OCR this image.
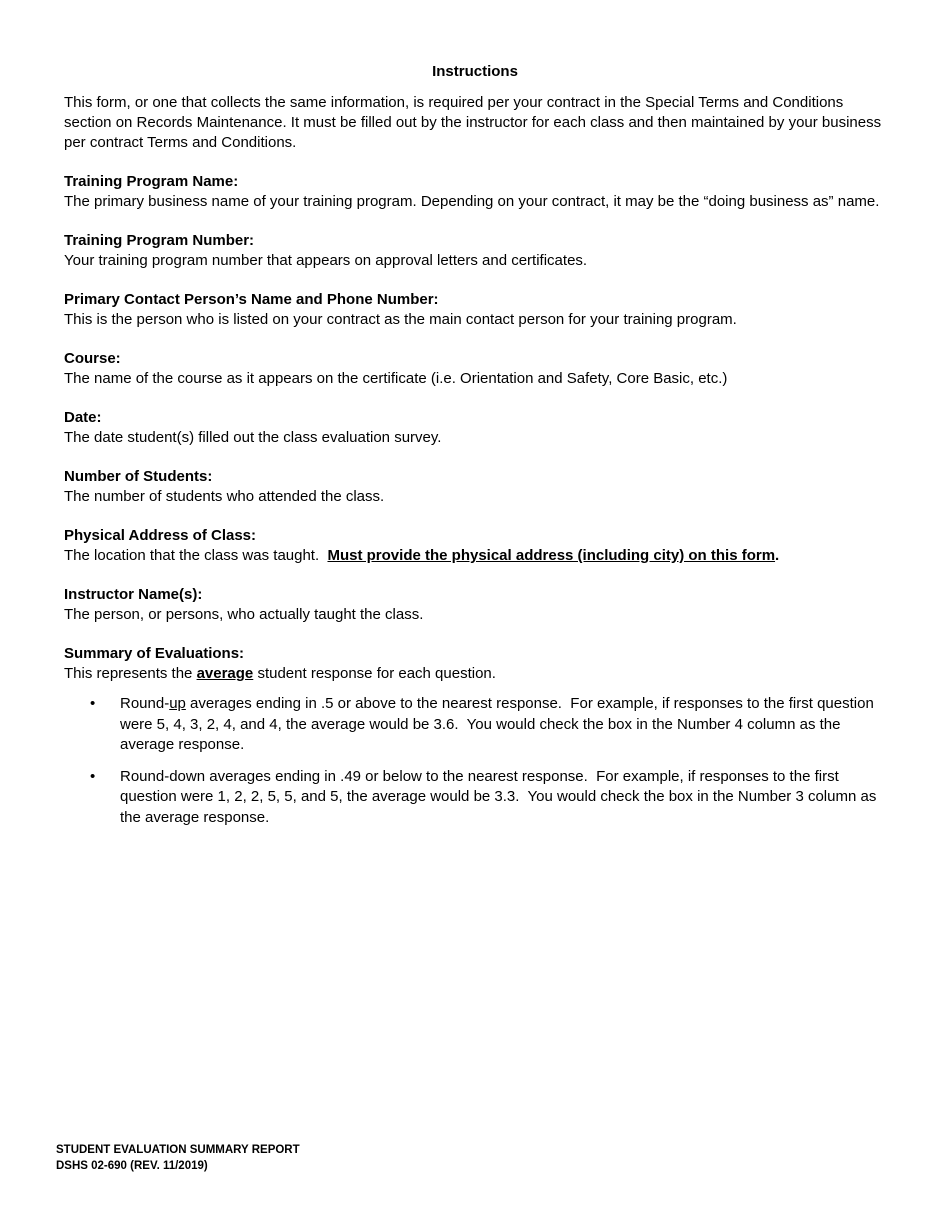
Instructions
This form, or one that collects the same information, is required per your contract in the Special Terms and Conditions section on Records Maintenance. It must be filled out by the instructor for each class and then maintained by your business per contract Terms and Conditions.
Training Program Name:
The primary business name of your training program. Depending on your contract, it may be the “doing business as” name.
Training Program Number:
Your training program number that appears on approval letters and certificates.
Primary Contact Person’s Name and Phone Number:
This is the person who is listed on your contract as the main contact person for your training program.
Course:
The name of the course as it appears on the certificate (i.e. Orientation and Safety, Core Basic, etc.)
Date:
The date student(s) filled out the class evaluation survey.
Number of Students:
The number of students who attended the class.
Physical Address of Class:
The location that the class was taught.  Must provide the physical address (including city) on this form.
Instructor Name(s):
The person, or persons, who actually taught the class.
Summary of Evaluations:
This represents the average student response for each question.
• Round-up averages ending in .5 or above to the nearest response.  For example, if responses to the first question were 5, 4, 3, 2, 4, and 4, the average would be 3.6.  You would check the box in the Number 4 column as the average response.
• Round-down averages ending in .49 or below to the nearest response.  For example, if responses to the first question were 1, 2, 2, 5, 5, and 5, the average would be 3.3.  You would check the box in the Number 3 column as the average response.
STUDENT EVALUATION SUMMARY REPORT
DSHS 02-690 (REV. 11/2019)
